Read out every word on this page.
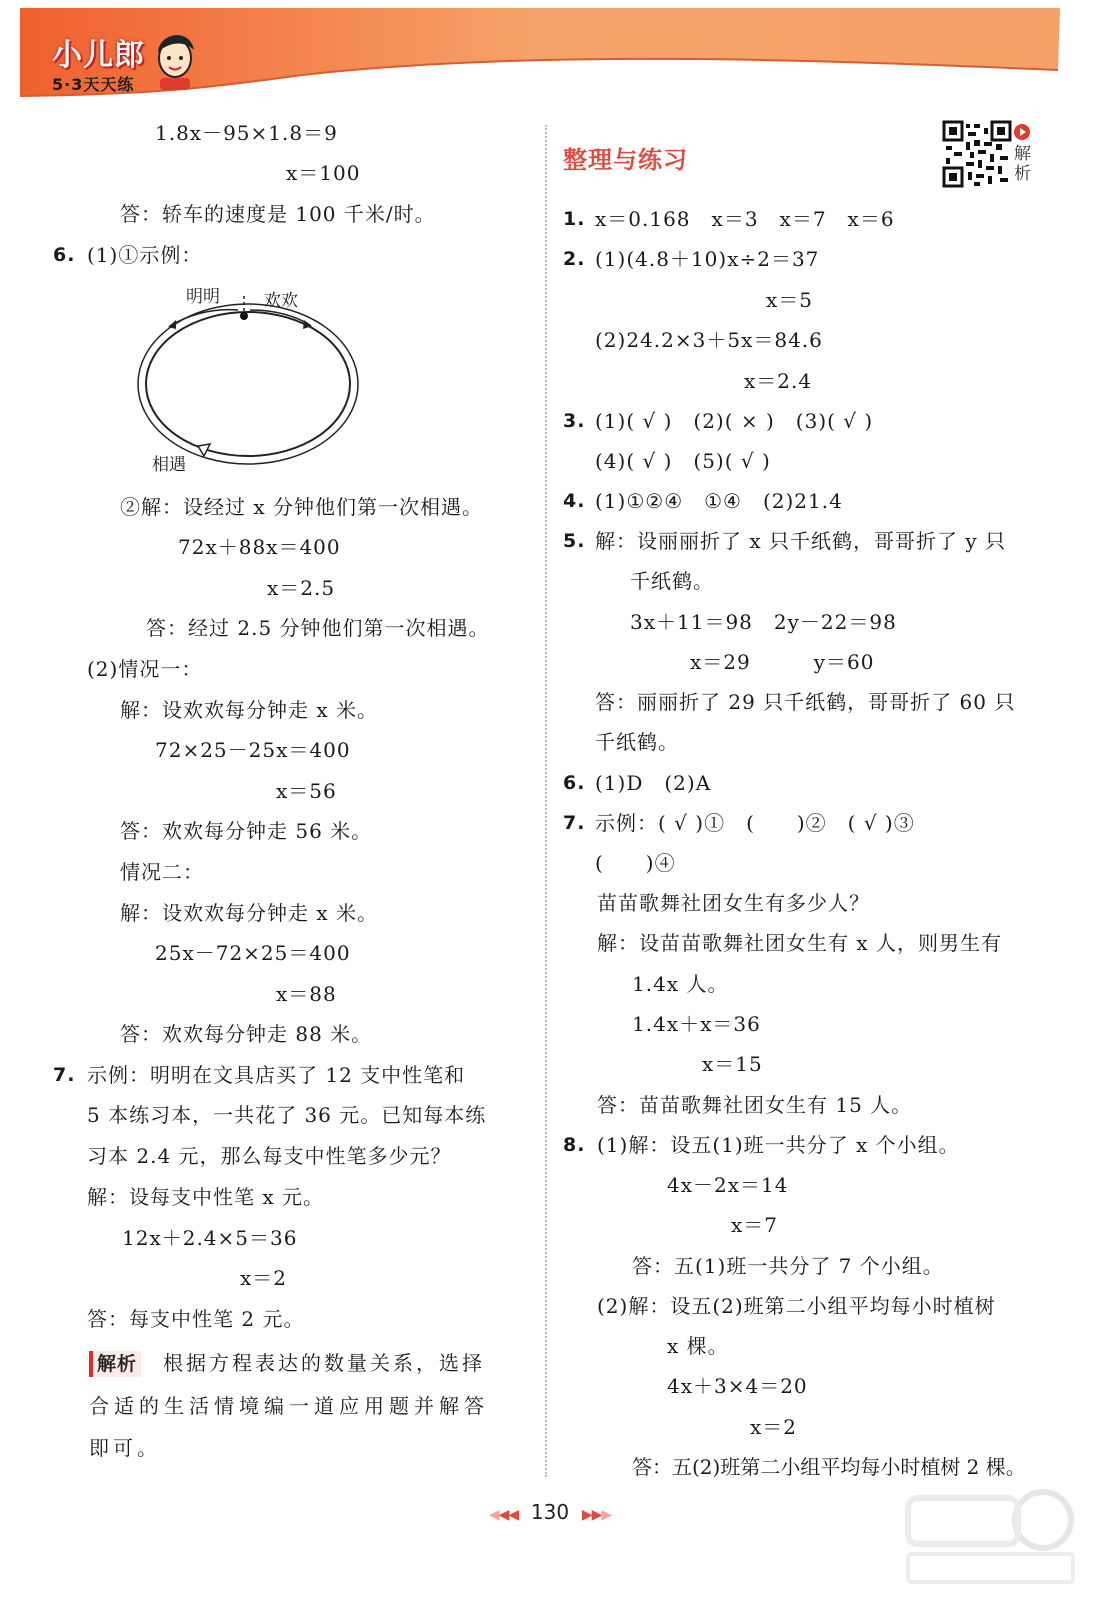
小儿郎
5·3天天练
1.8x－95×1.8＝9
x＝100
答：轿车的速度是 100 千米/时。
6. (1)①示例：
明明	欢欢
相遇
②解：设经过 x 分钟他们第一次相遇。
72x＋88x＝400
x＝2.5
答：经过 2.5 分钟他们第一次相遇。
(2)情况一：
解：设欢欢每分钟走 x 米。
72×25－25x＝400
x＝56
答：欢欢每分钟走 56 米。
情况二：
解：设欢欢每分钟走 x 米。
25x－72×25＝400
x＝88
答：欢欢每分钟走 88 米。
7. 示例：明明在文具店买了 12 支中性笔和
5 本练习本，一共花了 36 元。已知每本练
习本 2.4 元，那么每支中性笔多少元？
解：设每支中性笔 x 元。
12x＋2.4×5＝36
x＝2
答：每支中性笔 2 元。
解析 根据方程表达的数量关系，选择
合适的生活情境编一道应用题并解答
即可。
整理与练习	解析
1. x＝0.168　x＝3　x＝7　x＝6
2. (1)(4.8＋10)x÷2＝37
x＝5
(2)24.2×3＋5x＝84.6
x＝2.4
3. (1)( √ )　(2)( × )　(3)( √ )
(4)( √ )　(5)( √ )
4. (1)①②④　①④　(2)21.4
5. 解：设丽丽折了 x 只千纸鹤，哥哥折了 y 只
千纸鹤。
3x＋11＝98　2y－22＝98
x＝29　　　y＝60
答：丽丽折了 29 只千纸鹤，哥哥折了 60 只
千纸鹤。
6. (1)D　(2)A
7. 示例：( √ )①　(　　)②　( √ )③
(　　)④
苗苗歌舞社团女生有多少人？
解：设苗苗歌舞社团女生有 x 人，则男生有
1.4x 人。
1.4x＋x＝36
x＝15
答：苗苗歌舞社团女生有 15 人。
8. (1)解：设五(1)班一共分了 x 个小组。
4x－2x＝14
x＝7
答：五(1)班一共分了 7 个小组。
(2)解：设五(2)班第二小组平均每小时植树
x 棵。
4x＋3×4＝20
x＝2
答：五(2)班第二小组平均每小时植树 2 棵。
◀◀◀ 130 ▶▶▶
